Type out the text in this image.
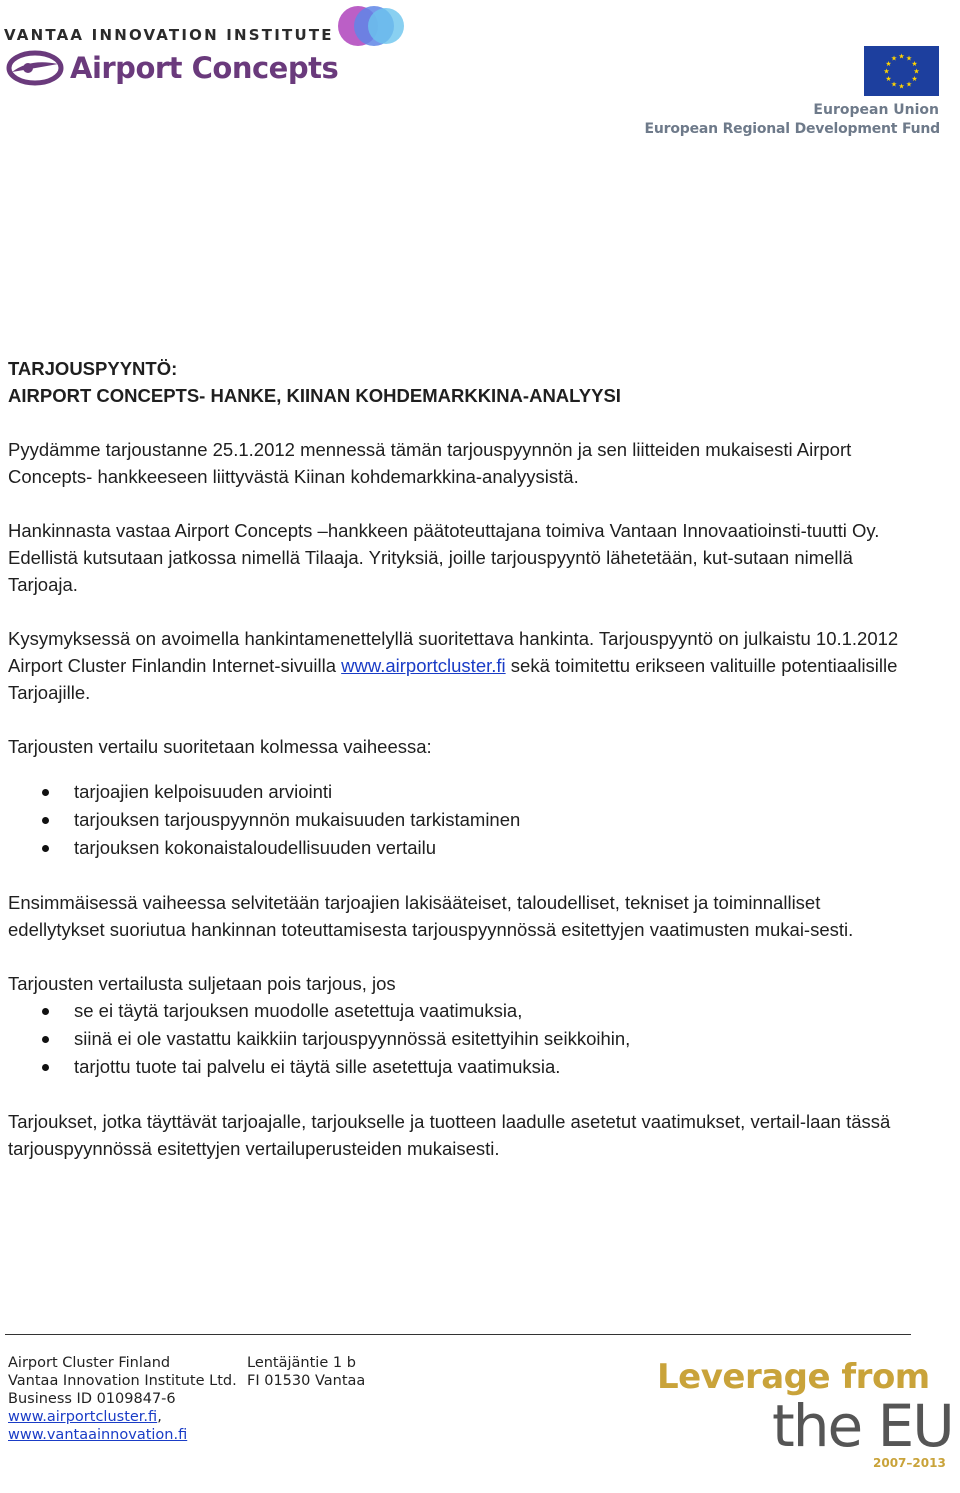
VANTAA INNOVATION INSTITUTE
Airport Concepts	★
★
★
★
★
★
★
★
★ ★ ★
★
European Union
European Regional Development Fund

TARJOUSPYYNTÖ:

AIRPORT CONCEPTS- HANKE, KIINAN KOHDEMARKKINA-ANALYYSI

Pyydämme tarjoustanne 25.1.2012 mennessä tämän tarjouspyynnön ja sen liitteiden mukaisesti Airport Concepts- hankkeeseen liittyvästä Kiinan kohdemarkkina-analyysistä.

Hankinnasta vastaa Airport Concepts –hankkeen päätoteuttajana toimiva Vantaan Innovaatioinsti-tuutti Oy. Edellistä kutsutaan jatkossa nimellä Tilaaja. Yrityksiä, joille tarjouspyyntö lähetetään, kut-sutaan nimellä Tarjoaja.

Kysymyksessä on avoimella hankintamenettelyllä suoritettava hankinta. Tarjouspyyntö on julkaistu 10.1.2012 Airport Cluster Finlandin Internet-sivuilla www.airportcluster.fi sekä toimitettu erikseen valituille potentiaalisille Tarjoajille.

Tarjousten vertailu suoritetaan kolmessa vaiheessa:

tarjoajien kelpoisuuden arviointi
tarjouksen tarjouspyynnön mukaisuuden tarkistaminen
tarjouksen kokonaistaloudellisuuden vertailu

Ensimmäisessä vaiheessa selvitetään tarjoajien lakisääteiset, taloudelliset, tekniset ja toiminnalliset edellytykset suoriutua hankinnan toteuttamisesta tarjouspyynnössä esitettyjen vaatimusten mukai-sesti.

Tarjousten vertailusta suljetaan pois tarjous, jos

se ei täytä tarjouksen muodolle asetettuja vaatimuksia,
siinä ei ole vastattu kaikkiin tarjouspyynnössä esitettyihin seikkoihin,
tarjottu tuote tai palvelu ei täytä sille asetettuja vaatimuksia.

Tarjoukset, jotka täyttävät tarjoajalle, tarjoukselle ja tuotteen laadulle asetetut vaatimukset, vertail-laan tässä tarjouspyynnössä esitettyjen vertailuperusteiden mukaisesti.

Airport Cluster Finland
Vantaa Innovation Institute Ltd.
Business ID 0109847-6
www.airportcluster.fi,
www.vantaainnovation.fi
Lentäjäntie 1 b
FI 01530 Vantaa	Leverage from
the EU
2007–2013
